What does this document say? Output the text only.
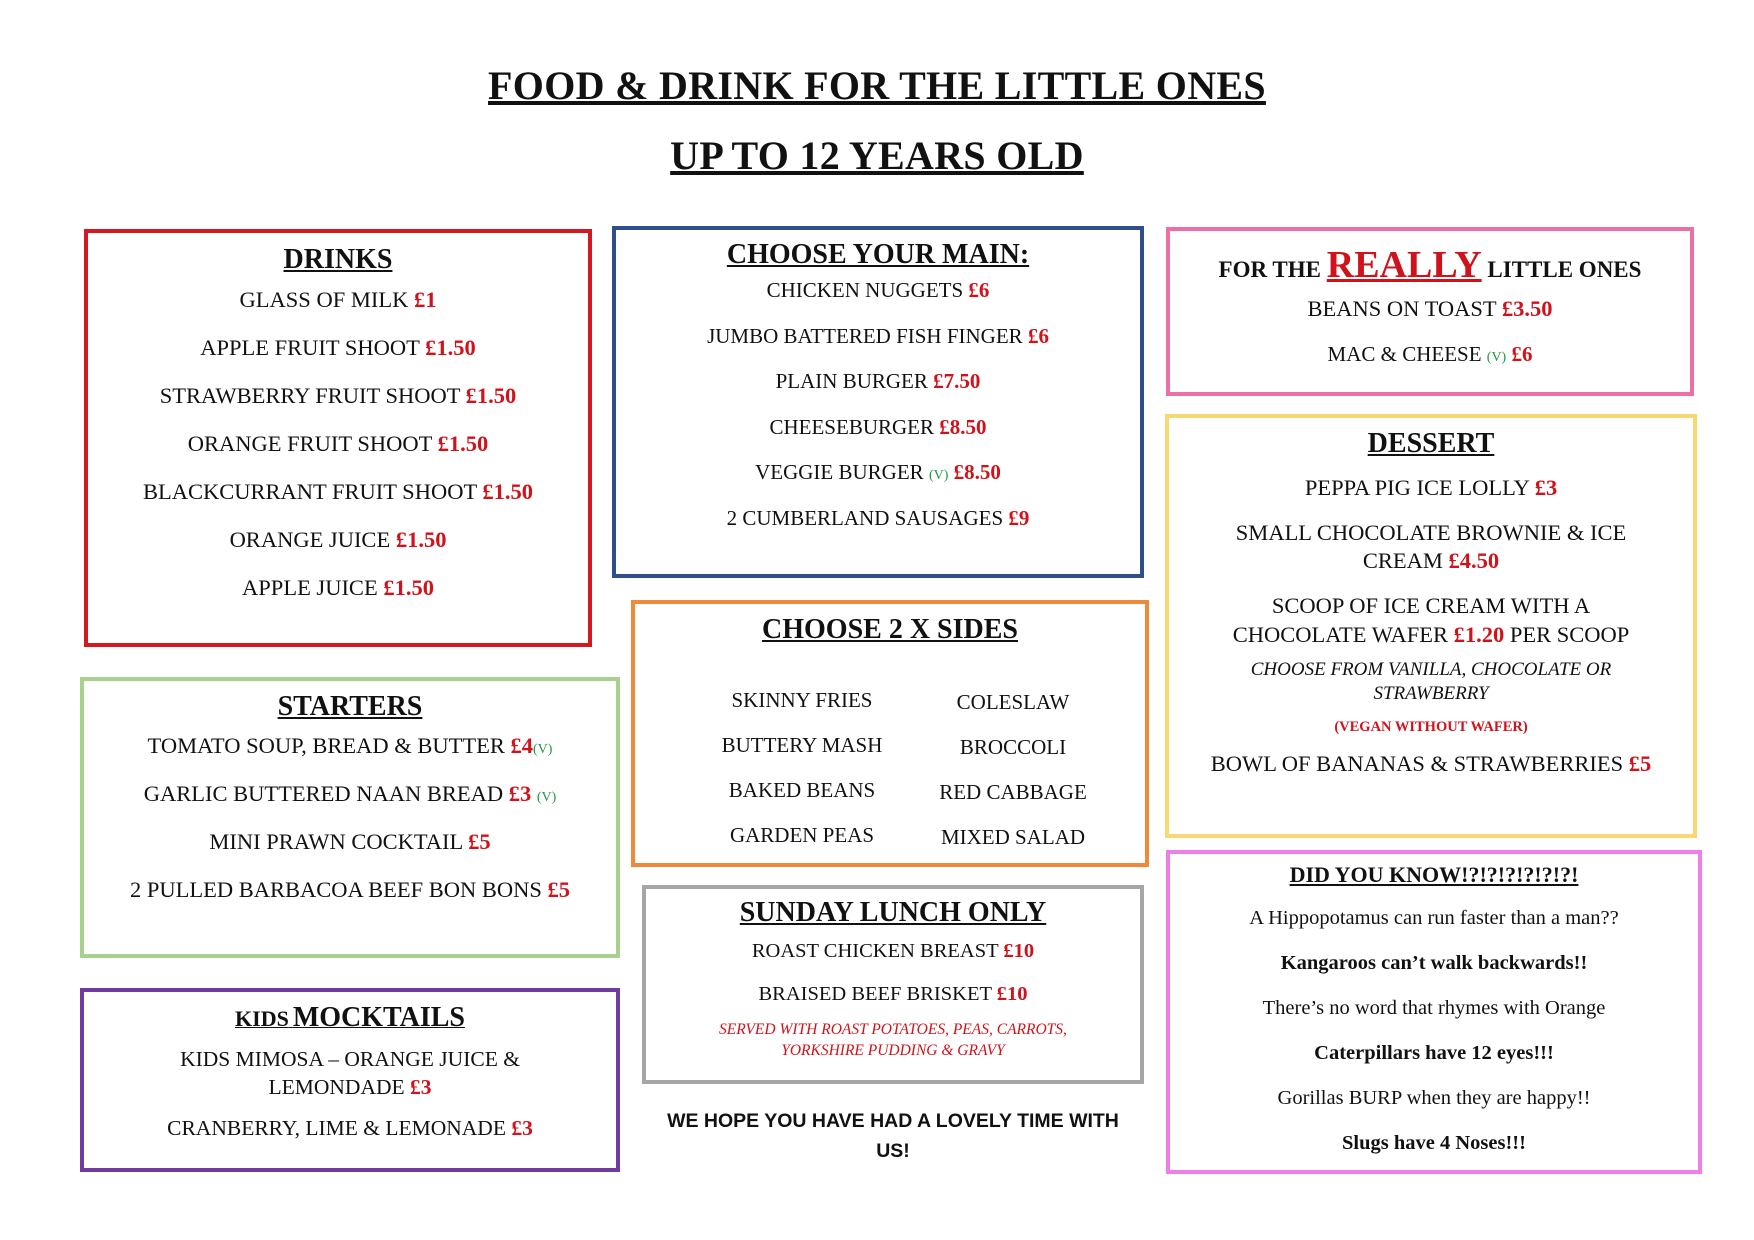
FOOD & DRINK FOR THE LITTLE ONES
UP TO 12 YEARS OLD
DRINKS
GLASS OF MILK £1
APPLE FRUIT SHOOT £1.50
STRAWBERRY FRUIT SHOOT £1.50
ORANGE FRUIT SHOOT £1.50
BLACKCURRANT FRUIT SHOOT £1.50
ORANGE JUICE £1.50
APPLE JUICE £1.50
CHOOSE YOUR MAIN:
CHICKEN NUGGETS £6
JUMBO BATTERED FISH FINGER £6
PLAIN BURGER £7.50
CHEESEBURGER £8.50
VEGGIE BURGER (V) £8.50
2 CUMBERLAND SAUSAGES £9
FOR THE REALLY LITTLE ONES
BEANS ON TOAST £3.50
MAC & CHEESE (V) £6
STARTERS
TOMATO SOUP, BREAD & BUTTER £4(V)
GARLIC BUTTERED NAAN BREAD £3 (V)
MINI PRAWN COCKTAIL £5
2 PULLED BARBACOA BEEF BON BONS £5
CHOOSE 2 X SIDES
SKINNY FRIES
BUTTERY MASH
BAKED BEANS
GARDEN PEAS
COLESLAW
BROCCOLI
RED CABBAGE
MIXED SALAD
DESSERT
PEPPA PIG ICE LOLLY £3
SMALL CHOCOLATE BROWNIE & ICE
CREAM £4.50
SCOOP OF ICE CREAM WITH A
CHOCOLATE WAFER £1.20 PER SCOOP
CHOOSE FROM VANILLA, CHOCOLATE OR
STRAWBERRY
(VEGAN WITHOUT WAFER)
BOWL OF BANANAS & STRAWBERRIES £5
KIDS MOCKTAILS
KIDS MIMOSA – ORANGE JUICE &
LEMONDADE £3
CRANBERRY, LIME & LEMONADE £3
SUNDAY LUNCH ONLY
ROAST CHICKEN BREAST £10
BRAISED BEEF BRISKET £10
SERVED WITH ROAST POTATOES, PEAS, CARROTS,
YORKSHIRE PUDDING & GRAVY
WE HOPE YOU HAVE HAD A LOVELY TIME WITH
US!
DID YOU KNOW!?!?!?!?!?!?!
A Hippopotamus can run faster than a man??
Kangaroos can’t walk backwards!!
There’s no word that rhymes with Orange
Caterpillars have 12 eyes!!!
Gorillas BURP when they are happy!!
Slugs have 4 Noses!!!
